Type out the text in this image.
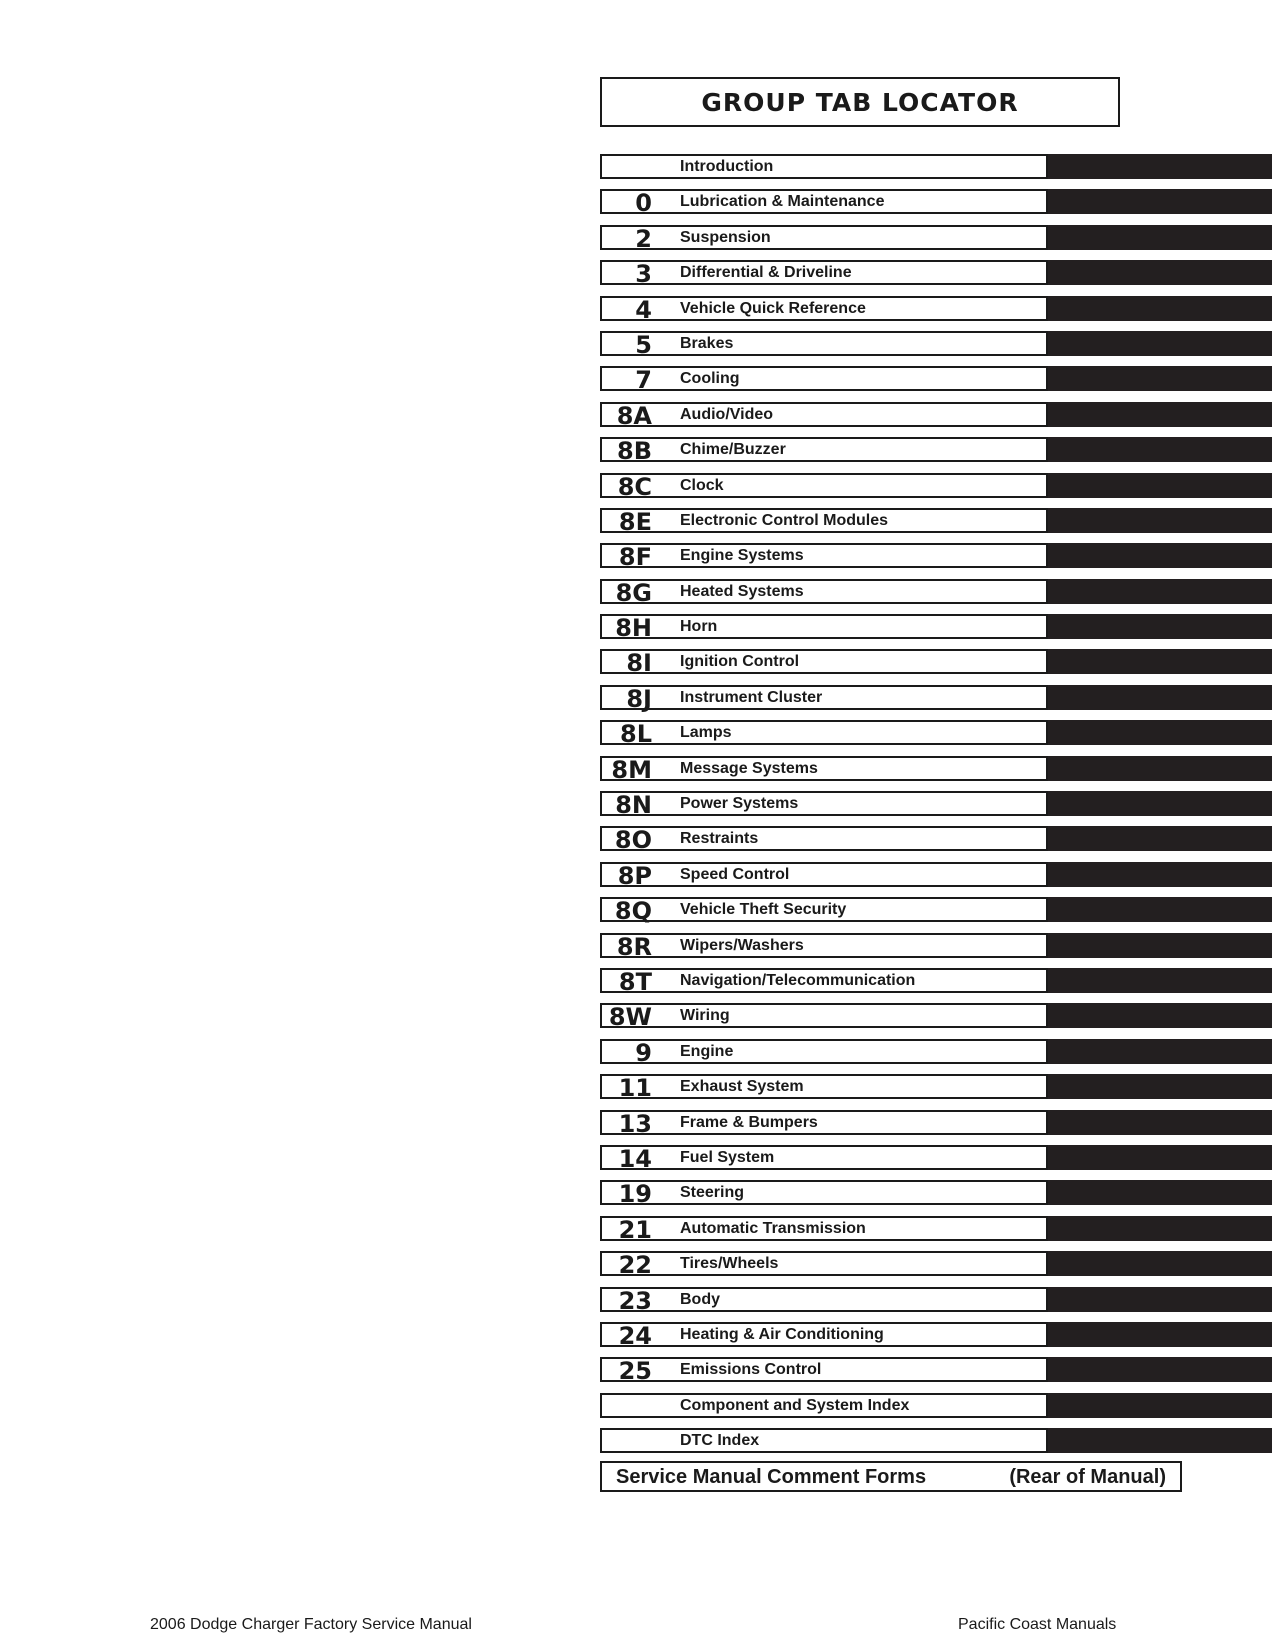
GROUP TAB LOCATOR
Introduction
0 Lubrication & Maintenance
2 Suspension
3 Differential & Driveline
4 Vehicle Quick Reference
5 Brakes
7 Cooling
8A Audio/Video
8B Chime/Buzzer
8C Clock
8E Electronic Control Modules
8F Engine Systems
8G Heated Systems
8H Horn
8I Ignition Control
8J Instrument Cluster
8L Lamps
8M Message Systems
8N Power Systems
8O Restraints
8P Speed Control
8Q Vehicle Theft Security
8R Wipers/Washers
8T Navigation/Telecommunication
8W Wiring
9 Engine
11 Exhaust System
13 Frame & Bumpers
14 Fuel System
19 Steering
21 Automatic Transmission
22 Tires/Wheels
23 Body
24 Heating & Air Conditioning
25 Emissions Control
Component and System Index
DTC Index
Service Manual Comment Forms	(Rear of Manual)
2006 Dodge Charger Factory Service Manual	Pacific Coast Manuals
